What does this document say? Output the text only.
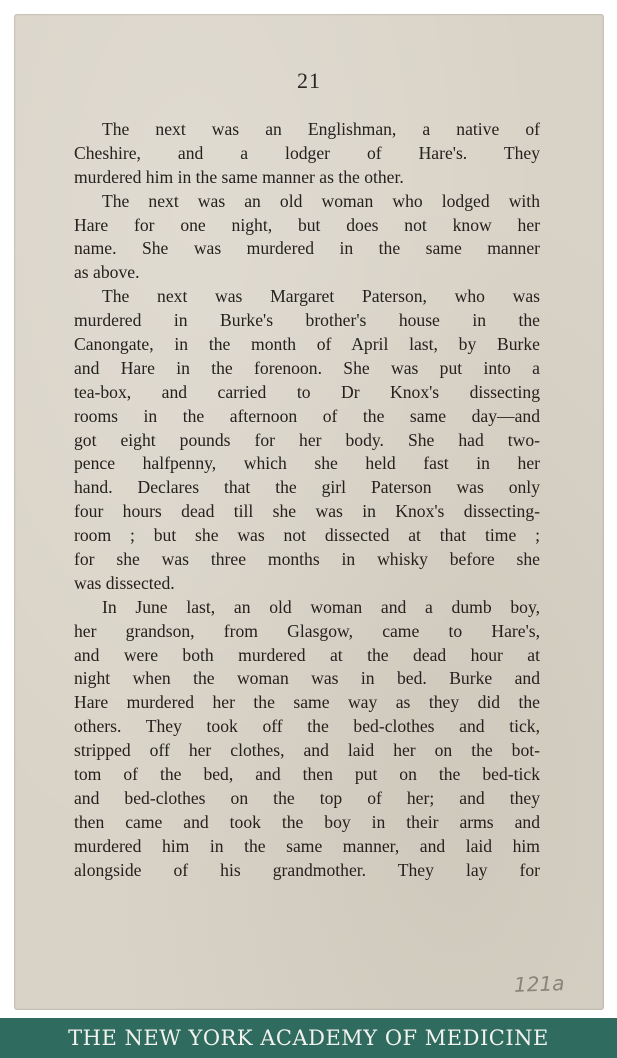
21
The next was an Englishman, a native of
Cheshire, and a lodger of Hare's. They
murdered him in the same manner as the other.
The next was an old woman who lodged with
Hare for one night, but does not know her
name. She was murdered in the same manner
as above.
The next was Margaret Paterson, who was
murdered in Burke's brother's house in the
Canongate, in the month of April last, by Burke
and Hare in the forenoon. She was put into a
tea-box, and carried to Dr Knox's dissecting
rooms in the afternoon of the same day—and
got eight pounds for her body. She had two-
pence halfpenny, which she held fast in her
hand. Declares that the girl Paterson was only
four hours dead till she was in Knox's dissecting-
room ; but she was not dissected at that time ;
for she was three months in whisky before she
was dissected.
In June last, an old woman and a dumb boy,
her grandson, from Glasgow, came to Hare's,
and were both murdered at the dead hour at
night when the woman was in bed. Burke and
Hare murdered her the same way as they did the
others. They took off the bed-clothes and tick,
stripped off her clothes, and laid her on the bot-
tom of the bed, and then put on the bed-tick
and bed-clothes on the top of her; and they
then came and took the boy in their arms and
murdered him in the same manner, and laid him
alongside of his grandmother. They lay for
121a
THE NEW YORK ACADEMY OF MEDICINE
